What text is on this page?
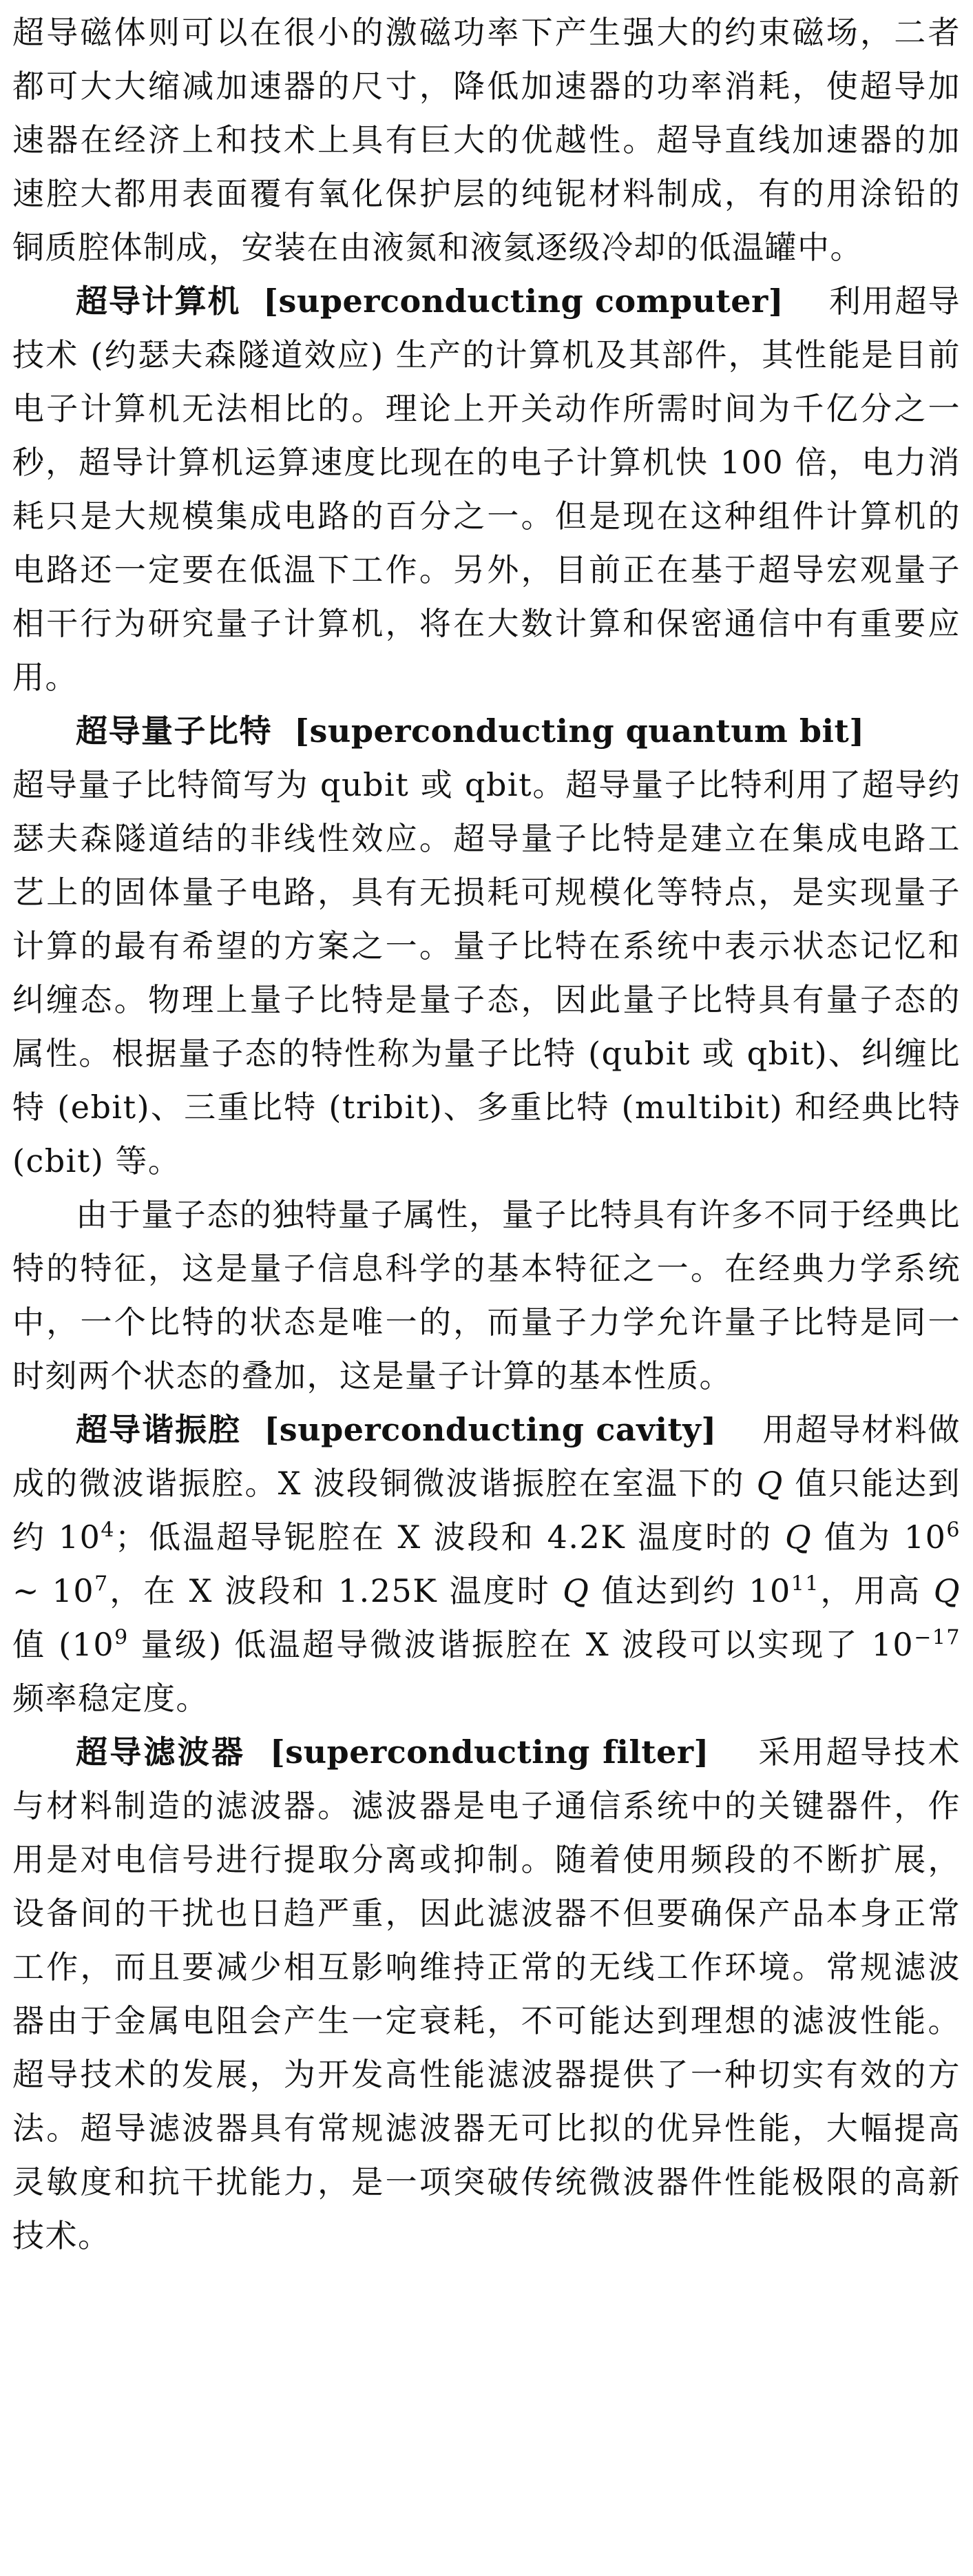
超导磁体则可以在很小的激磁功率下产生强大的约束磁场，二者都可大大缩减加速器的尺寸，降低加速器的功率消耗，使超导加速器在经济上和技术上具有巨大的优越性。超导直线加速器的加速腔大都用表面覆有氧化保护层的纯铌材料制成，有的用涂铅的铜质腔体制成，安装在由液氮和液氦逐级冷却的低温罐中。

超导计算机 [superconducting computer] 利用超导技术 (约瑟夫森隧道效应) 生产的计算机及其部件，其性能是目前电子计算机无法相比的。理论上开关动作所需时间为千亿分之一秒，超导计算机运算速度比现在的电子计算机快 100 倍，电力消耗只是大规模集成电路的百分之一。但是现在这种组件计算机的电路还一定要在低温下工作。另外，目前正在基于超导宏观量子相干行为研究量子计算机，将在大数计算和保密通信中有重要应用。

超导量子比特 [superconducting quantum bit]
超导量子比特简写为 qubit 或 qbit。超导量子比特利用了超导约瑟夫森隧道结的非线性效应。超导量子比特是建立在集成电路工艺上的固体量子电路，具有无损耗可规模化等特点，是实现量子计算的最有希望的方案之一。量子比特在系统中表示状态记忆和纠缠态。物理上量子比特是量子态，因此量子比特具有量子态的属性。根据量子态的特性称为量子比特 (qubit 或 qbit)、纠缠比特 (ebit)、三重比特 (tribit)、多重比特 (multibit) 和经典比特 (cbit) 等。

由于量子态的独特量子属性，量子比特具有许多不同于经典比特的特征，这是量子信息科学的基本特征之一。在经典力学系统中，一个比特的状态是唯一的，而量子力学允许量子比特是同一时刻两个状态的叠加，这是量子计算的基本性质。

超导谐振腔 [superconducting cavity] 用超导材料做成的微波谐振腔。X 波段铜微波谐振腔在室温下的 Q 值只能达到约 $10^4$；低温超导铌腔在 X 波段和 4.2K 温度时的 Q 值为 $10^6$ ∼ $10^7$，在 X 波段和 1.25K 温度时 Q 值达到约 $10^{11}$，用高 Q 值 ($10^9$ 量级) 低温超导微波谐振腔在 X 波段可以实现了 $10^{-17}$ 频率稳定度。

超导滤波器 [superconducting filter] 采用超导技术与材料制造的滤波器。滤波器是电子通信系统中的关键器件，作用是对电信号进行提取分离或抑制。随着使用频段的不断扩展，设备间的干扰也日趋严重，因此滤波器不但要确保产品本身正常工作，而且要减少相互影响维持正常的无线工作环境。常规滤波器由于金属电阻会产生一定衰耗，不可能达到理想的滤波性能。超导技术的发展，为开发高性能滤波器提供了一种切实有效的方法。超导滤波器具有常规滤波器无可比拟的优异性能，大幅提高灵敏度和抗干扰能力，是一项突破传统微波器件性能极限的高新技术。
